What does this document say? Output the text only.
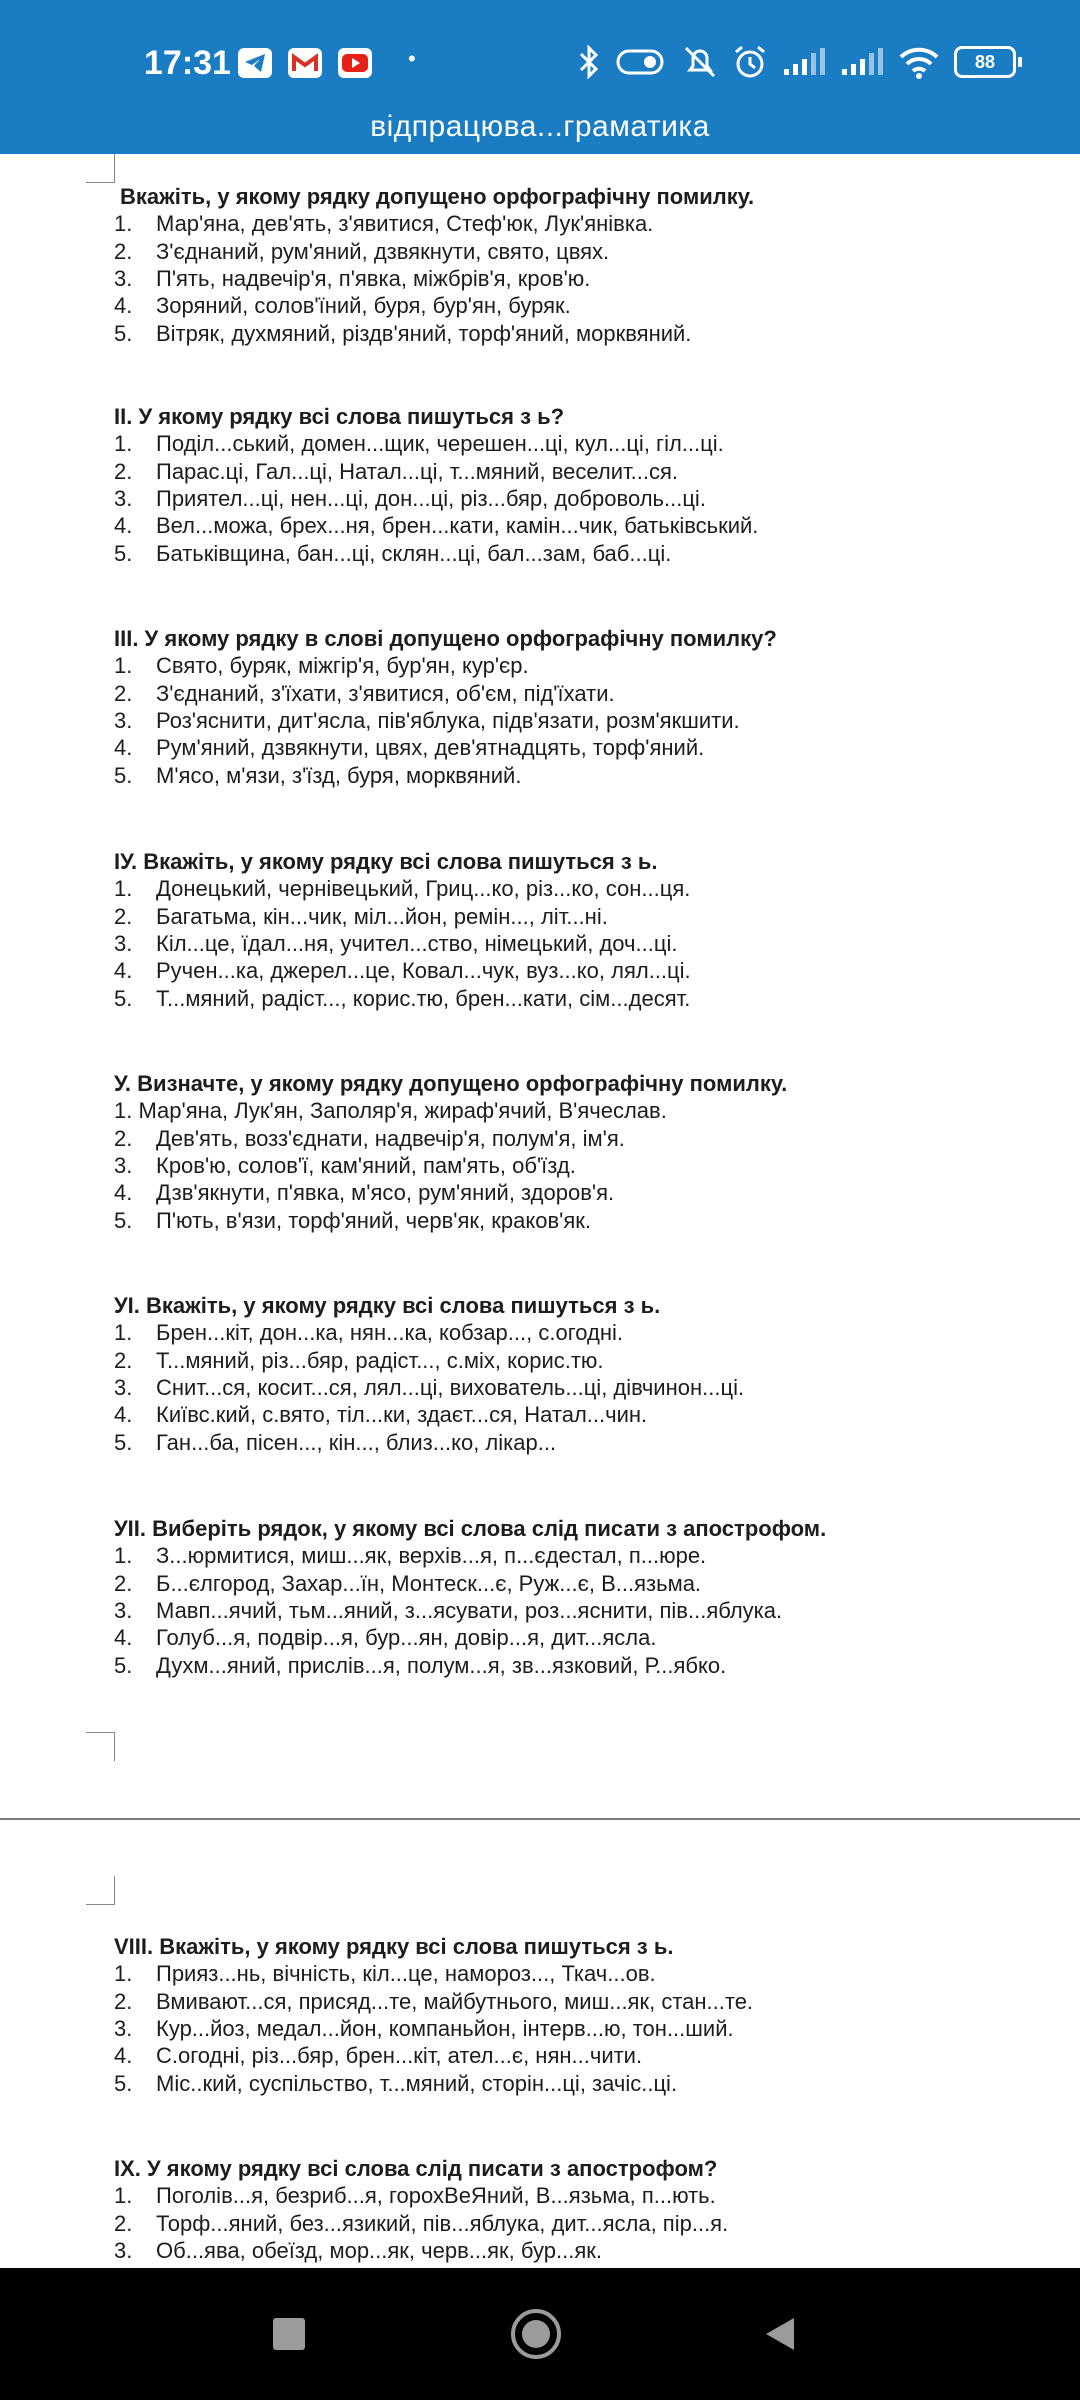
17:31	•	88
відпрацюва...граматика
Вкажіть, у якому рядку допущено орфографічну помилку.
1. Мар'яна, дев'ять, з'явитися, Стеф'юк, Лук'янівка.
2. З'єднаний, рум'яний, дзвякнути, свято, цвях.
3. П'ять, надвечір'я, п'явка, міжбрів'я, кров'ю.
4. Зоряний, солов'їний, буря, бур'ян, буряк.
5. Вітряк, духмяний, різдв'яний, торф'яний, морквяний.
II. У якому рядку всі слова пишуться з ь?
1. Поділ...ський, домен...щик, черешен...ці, кул...ці, гіл...ці.
2. Парас.ці, Гал...ці, Натал...ці, т...мяний, веселит...ся.
3. Приятел...ці, нен...ці, дон...ці, різ...бяр, доброволь...ці.
4. Вел...можа, брех...ня, брен...кати, камін...чик, батьківський.
5. Батьківщина, бан...ці, склян...ці, бал...зам, баб...ці.
III. У якому рядку в слові допущено орфографічну помилку?
1. Свято, буряк, міжгір'я, бур'ян, кур'єр.
2. З'єднаний, з'їхати, з'явитися, об'єм, під'їхати.
3. Роз'яснити, дит'ясла, пів'яблука, підв'язати, розм'якшити.
4. Рум'яний, дзвякнути, цвях, дев'ятнадцять, торф'яний.
5. М'ясо, м'язи, з'їзд, буря, морквяний.
IУ. Вкажіть, у якому рядку всі слова пишуться з ь.
1. Донецький, чернівецький, Гриц...ко, різ...ко, сон...ця.
2. Багатьма, кін...чик, міл...йон, ремін..., літ...ні.
3. Кіл...це, їдал...ня, учител...ство, німецький, доч...ці.
4. Ручен...ка, джерел...це, Ковал...чук, вуз...ко, лял...ці.
5. Т...мяний, радіст..., корис.тю, брен...кати, сім...десят.
У. Визначте, у якому рядку допущено орфографічну помилку.
1. Мар'яна, Лук'ян, Заполяр'я, жираф'ячий, В'ячеслав.
2. Дев'ять, возз'єднати, надвечір'я, полум'я, ім'я.
3. Кров'ю, солов'ї, кам'яний, пам'ять, об'їзд.
4. Дзв'якнути, п'явка, м'ясо, рум'яний, здоров'я.
5. П'ють, в'язи, торф'яний, черв'як, краков'як.
УІ. Вкажіть, у якому рядку всі слова пишуться з ь.
1. Брен...кіт, дон...ка, нян...ка, кобзар..., с.огодні.
2. Т...мяний, різ...бяр, радіст..., с.міх, корис.тю.
3. Снит...ся, косит...ся, лял...ці, вихователь...ці, дівчинон...ці.
4. Київс.кий, с.вято, тіл...ки, здаєт...ся, Натал...чин.
5. Ган...ба, пісен..., кін..., близ...ко, лікар...
УІІ. Виберіть рядок, у якому всі слова слід писати з апострофом.
1. З...юрмитися, миш...як, верхів...я, п...єдестал, п...юре.
2. Б...єлгород, Захар...їн, Монтеск...є, Руж...є, В...язьма.
3. Мавп...ячий, тьм...яний, з...ясувати, роз...яснити, пів...яблука.
4. Голуб...я, подвір...я, бур...ян, довір...я, дит...ясла.
5. Духм...яний, прислів...я, полум...я, зв...язковий, Р...ябко.
VIII. Вкажіть, у якому рядку всі слова пишуться з ь.
1. Прияз...нь, вічність, кіл...це, намороз..., Ткач...ов.
2. Вмивают...ся, присяд...те, майбутнього, миш...як, стан...те.
3. Кур...йоз, медал...йон, компаньйон, інтерв...ю, тон...ший.
4. С.огодні, різ...бяр, брен...кіт, ател...є, нян...чити.
5. Міс..кий, суспільство, т...мяний, сторін...ці, зачіс..ці.
IX. У якому рядку всі слова слід писати з апострофом?
1. Поголів...я, безриб...я, горохВеЯний, В...язьма, п...ють.
2. Торф...яний, без...язикий, пів...яблука, дит...ясла, пір...я.
3. Об...ява, обеїзд, мор...як, черв...як, бур...як.
